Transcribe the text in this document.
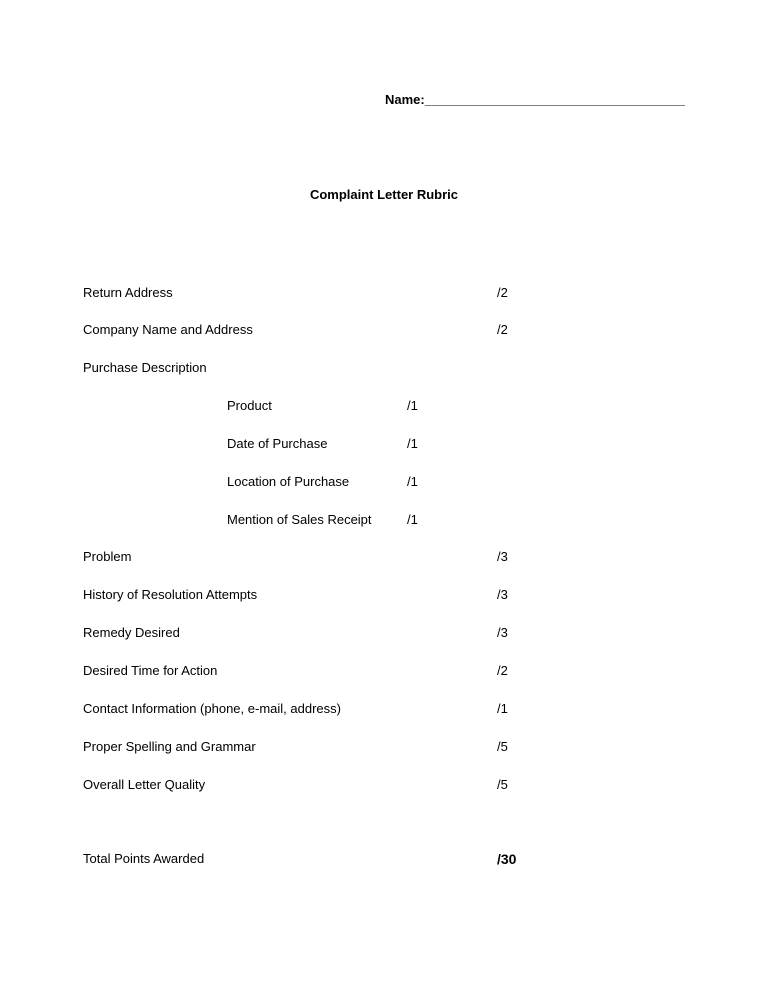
Name:____________________________________
Complaint Letter Rubric
Return Address	/2
Company Name and Address	/2
Purchase Description
Product	/1
Date of Purchase	/1
Location of Purchase	/1
Mention of Sales Receipt	/1
Problem	/3
History of Resolution Attempts	/3
Remedy Desired	/3
Desired Time for Action	/2
Contact Information (phone, e-mail, address)	/1
Proper Spelling and Grammar	/5
Overall Letter Quality	/5
Total Points Awarded	/30
